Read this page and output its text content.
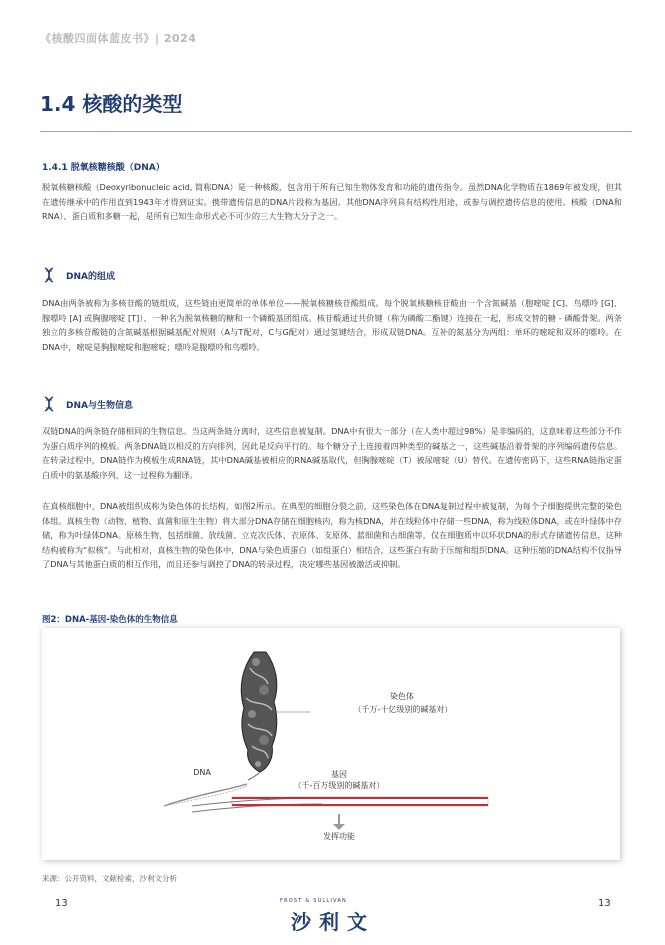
《核酸四面体蓝皮书》| 2024
1.4 核酸的类型
1.4.1 脱氧核糖核酸（DNA）

脱氧核糖核酸（Deoxyribonucleic acid, 简称DNA）是一种核酸，包含用于所有已知生物体发育和功能的遗传指令。虽然DNA化学物质在1869年被发现，但其在遗传继承中的作用直到1943年才得到证实。携带遗传信息的DNA片段称为基因。其他DNA序列具有结构性用途，或参与调控遗传信息的使用。核酸（DNA和RNA）、蛋白质和多糖一起，是所有已知生命形式必不可少的三大生物大分子之一。

DNA的组成

DNA由两条被称为多核苷酸的链组成，这些链由更简单的单体单位——脱氧核糖核苷酸组成。每个脱氧核糖核苷酸由一个含氮碱基（胞嘧啶 [C]、鸟嘌呤 [G]、腺嘌呤 [A] 或胸腺嘧啶 [T]）、一种名为脱氧核糖的糖和一个磷酸基团组成。核苷酸通过共价键（称为磷酸二酯键）连接在一起，形成交替的糖 - 磷酸骨架。两条独立的多核苷酸链的含氮碱基根据碱基配对规则（A与T配对，C与G配对）通过氢键结合，形成双链DNA。互补的氮基分为两组：单环的嘧啶和双环的嘌呤。在DNA中，嘧啶是胸腺嘧啶和胞嘧啶；嘌呤是腺嘌呤和鸟嘌呤。

DNA与生物信息

双链DNA的两条链存储相同的生物信息。当这两条链分离时，这些信息被复制。DNA中有很大一部分（在人类中超过98%）是非编码的，这意味着这些部分不作为蛋白质序列的模板。两条DNA链以相反的方向排列，因此是反向平行的。每个糖分子上连接着四种类型的碱基之一，这些碱基沿着骨架的序列编码遗传信息。在转录过程中，DNA链作为模板生成RNA链，其中DNA碱基被相应的RNA碱基取代，但胸腺嘧啶（T）被尿嘧啶（U）替代。在遗传密码下，这些RNA链指定蛋白质中的氨基酸序列，这一过程称为翻译。

在真核细胞中，DNA被组织成称为染色体的长结构，如图2所示。在典型的细胞分裂之前，这些染色体在DNA复制过程中被复制，为每个子细胞提供完整的染色体组。真核生物（动物、植物、真菌和原生生物）将大部分DNA存储在细胞核内，称为核DNA，并在线粒体中存储一些DNA，称为线粒体DNA，或在叶绿体中存储，称为叶绿体DNA。原核生物，包括细菌、放线菌、立克次氏体、衣原体、支原体、蓝细菌和古细菌等，仅在细胞质中以环状DNA的形式存储遗传信息，这种结构被称为“拟核”。与此相对，真核生物的染色体中，DNA与染色质蛋白（如组蛋白）相结合，这些蛋白有助于压缩和组织DNA。这种压缩的DNA结构不仅指导了DNA与其他蛋白质的相互作用，而且还参与调控了DNA的转录过程，决定哪些基因被激活或抑制。

图2：DNA-基因-染色体的生物信息
染色体
（千万-十亿级别的碱基对）
DNA	基因
（千-百万级别的碱基对）
发挥功能
来源：公开资料，文献检索，沙利文分析
13	13
FROST & SULLIVAN
沙利文
